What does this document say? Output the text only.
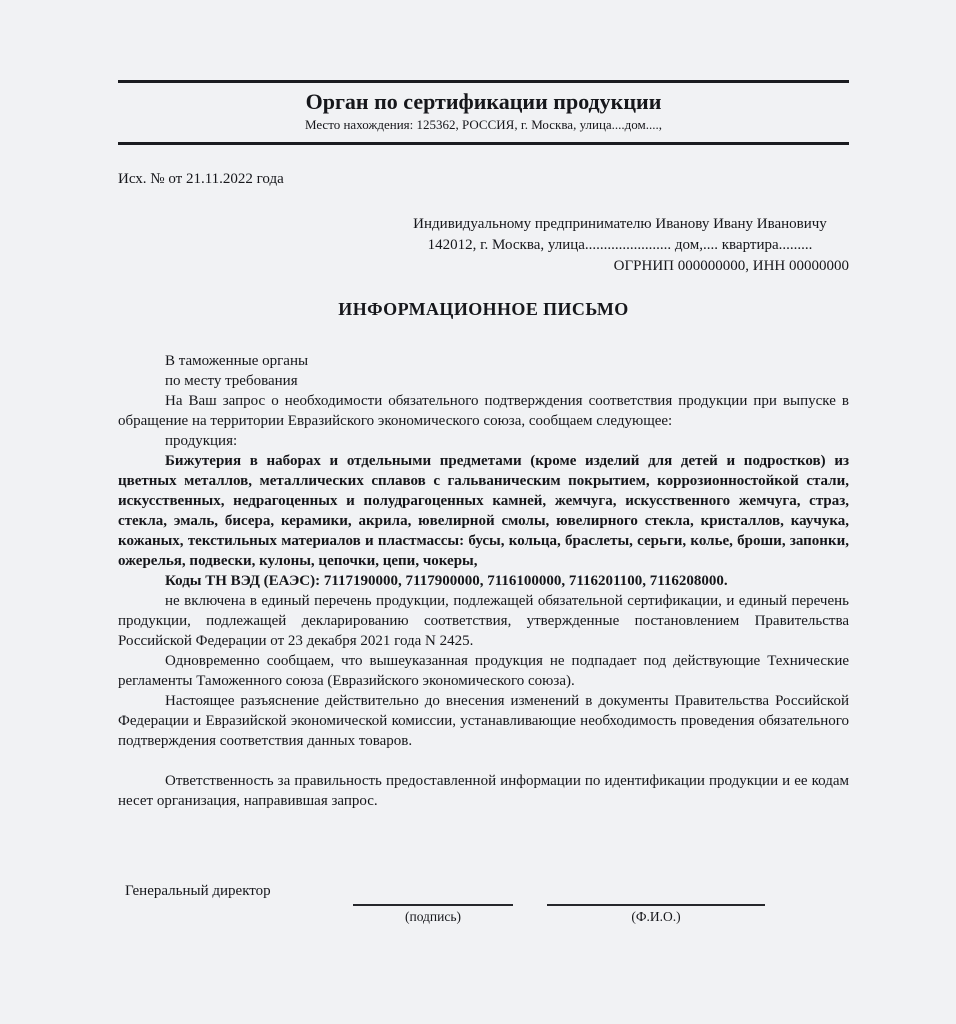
Орган по сертификации продукции
Место нахождения: 125362, РОССИЯ, г. Москва, улица....дом....,
Исх. № от 21.11.2022 года
Индивидуальному предпринимателю Иванову Ивану Ивановичу
142012, г. Москва, улица....................... дом,.... квартира.........
ОГРНИП 000000000, ИНН 00000000
ИНФОРМАЦИОННОЕ ПИСЬМО
В таможенные органы
по месту требования
На Ваш запрос о необходимости обязательного подтверждения соответствия продукции при выпуске в обращение на территории Евразийского экономического союза, сообщаем следующее:
продукция:
Бижутерия в наборах и отдельными предметами (кроме изделий для детей и подростков) из цветных металлов, металлических сплавов с гальваническим покрытием, коррозионностойкой стали, искусственных, недрагоценных и полудрагоценных камней, жемчуга, искусственного жемчуга, страз, стекла, эмаль, бисера, керамики, акрила, ювелирной смолы, ювелирного стекла, кристаллов, каучука, кожаных, текстильных материалов и пластмассы: бусы, кольца, браслеты, серьги, колье, броши, запонки, ожерелья, подвески, кулоны, цепочки, цепи, чокеры,
Коды ТН ВЭД (ЕАЭС): 7117190000, 7117900000, 7116100000, 7116201100, 7116208000.
не включена в единый перечень продукции, подлежащей обязательной сертификации, и единый перечень продукции, подлежащей декларированию соответствия, утвержденные постановлением Правительства Российской Федерации от 23 декабря 2021 года N 2425.
Одновременно сообщаем, что вышеуказанная продукция не подпадает под действующие Технические регламенты Таможенного союза (Евразийского экономического союза).
Настоящее разъяснение действительно до внесения изменений в документы Правительства Российской Федерации и Евразийской экономической комиссии, устанавливающие необходимость проведения обязательного подтверждения соответствия данных товаров.
Ответственность за правильность предоставленной информации по идентификации продукции и ее кодам несет организация, направившая запрос.
Генеральный директор
(подпись)	(Ф.И.О.)
